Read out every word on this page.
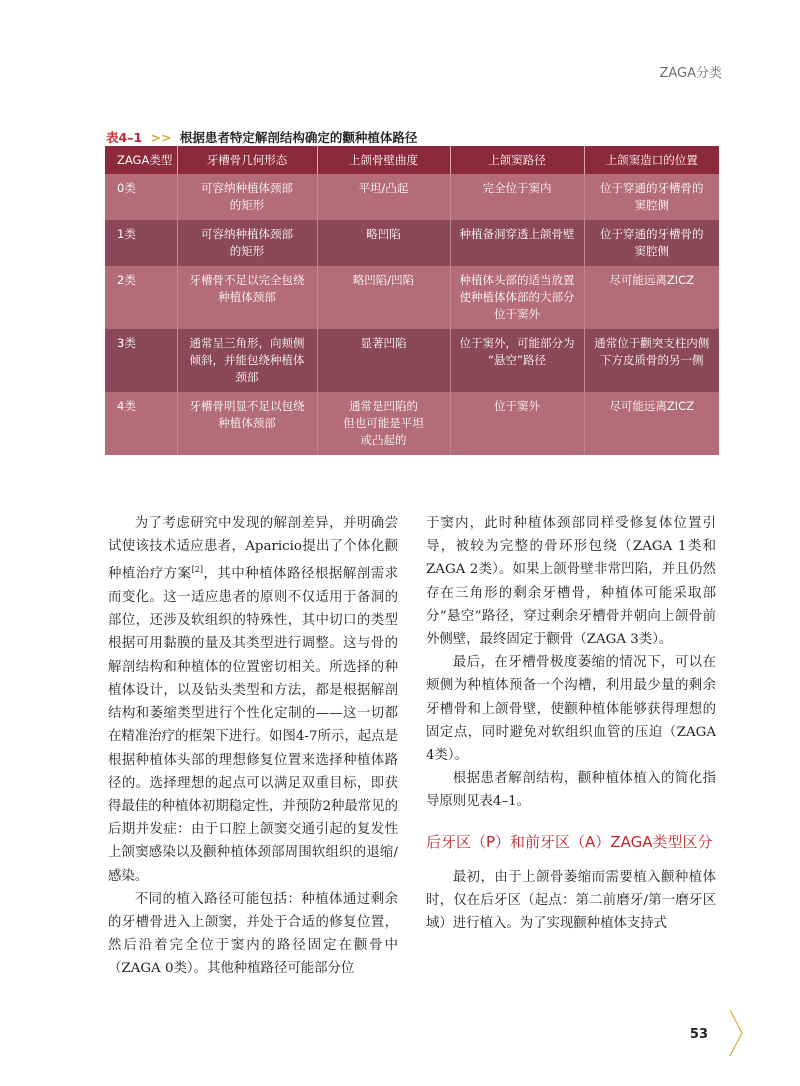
ZAGA分类
表4–1 >> 根据患者特定解剖结构确定的颧种植体路径
ZAGA类型	牙槽骨几何形态	上颌骨壁曲度	上颌窦路径	上颌窦造口的位置
0类	可容纳种植体颈部
的矩形	平坦/凸起	完全位于窦内	位于穿通的牙槽骨的
窦腔侧

1类	可容纳种植体颈部
的矩形	略凹陷	种植备洞穿透上颌骨壁	位于穿通的牙槽骨的
窦腔侧

2类	牙槽骨不足以完全包绕
种植体颈部	略凹陷/凹陷	种植体头部的适当放置
使种植体体部的大部分
位于窦外	尽可能远离ZICZ

3类	通常呈三角形，向颊侧
倾斜，并能包绕种植体
颈部	显著凹陷	位于窦外，可能部分为
“悬空”路径	通常位于颧突支柱内侧
下方皮质骨的另一侧

4类	牙槽骨明显不足以包绕
种植体颈部	通常是凹陷的
但也可能是平坦
或凸起的	位于窦外	尽可能远离ZICZ

为了考虑研究中发现的解剖差异，并明确尝试使该技术适应患者，Aparicio提出了个体化颧种植治疗方案[2]，其中种植体路径根据解剖需求而变化。这一适应患者的原则不仅适用于备洞的部位，还涉及软组织的特殊性，其中切口的类型根据可用黏膜的量及其类型进行调整。这与骨的解剖结构和种植体的位置密切相关。所选择的种植体设计，以及钻头类型和方法，都是根据解剖结构和萎缩类型进行个性化定制的——这一切都在精准治疗的框架下进行。如图4-7所示，起点是根据种植体头部的理想修复位置来选择种植体路径的。选择理想的起点可以满足双重目标，即获得最佳的种植体初期稳定性，并预防2种最常见的后期并发症：由于口腔上颌窦交通引起的复发性上颌窦感染以及颧种植体颈部周围软组织的退缩/感染。

不同的植入路径可能包括：种植体通过剩余的牙槽骨进入上颌窦，并处于合适的修复位置，然后沿着完全位于窦内的路径固定在颧骨中（ZAGA 0类）。其他种植路径可能部分位

于窦内，此时种植体颈部同样受修复体位置引导，被较为完整的骨环形包绕（ZAGA 1类和ZAGA 2类）。如果上颌骨壁非常凹陷，并且仍然存在三角形的剩余牙槽骨，种植体可能采取部分“悬空”路径，穿过剩余牙槽骨并朝向上颌骨前外侧壁，最终固定于颧骨（ZAGA 3类）。

最后，在牙槽骨极度萎缩的情况下，可以在颊侧为种植体预备一个沟槽，利用最少量的剩余牙槽骨和上颌骨壁，使颧种植体能够获得理想的固定点，同时避免对软组织血管的压迫（ZAGA 4类）。

根据患者解剖结构，颧种植体植入的简化指导原则见表4–1。

后牙区（P）和前牙区（A）ZAGA类型区分

最初，由于上颌骨萎缩而需要植入颧种植体时，仅在后牙区（起点：第二前磨牙/第一磨牙区域）进行植入。为了实现颧种植体支持式

53
